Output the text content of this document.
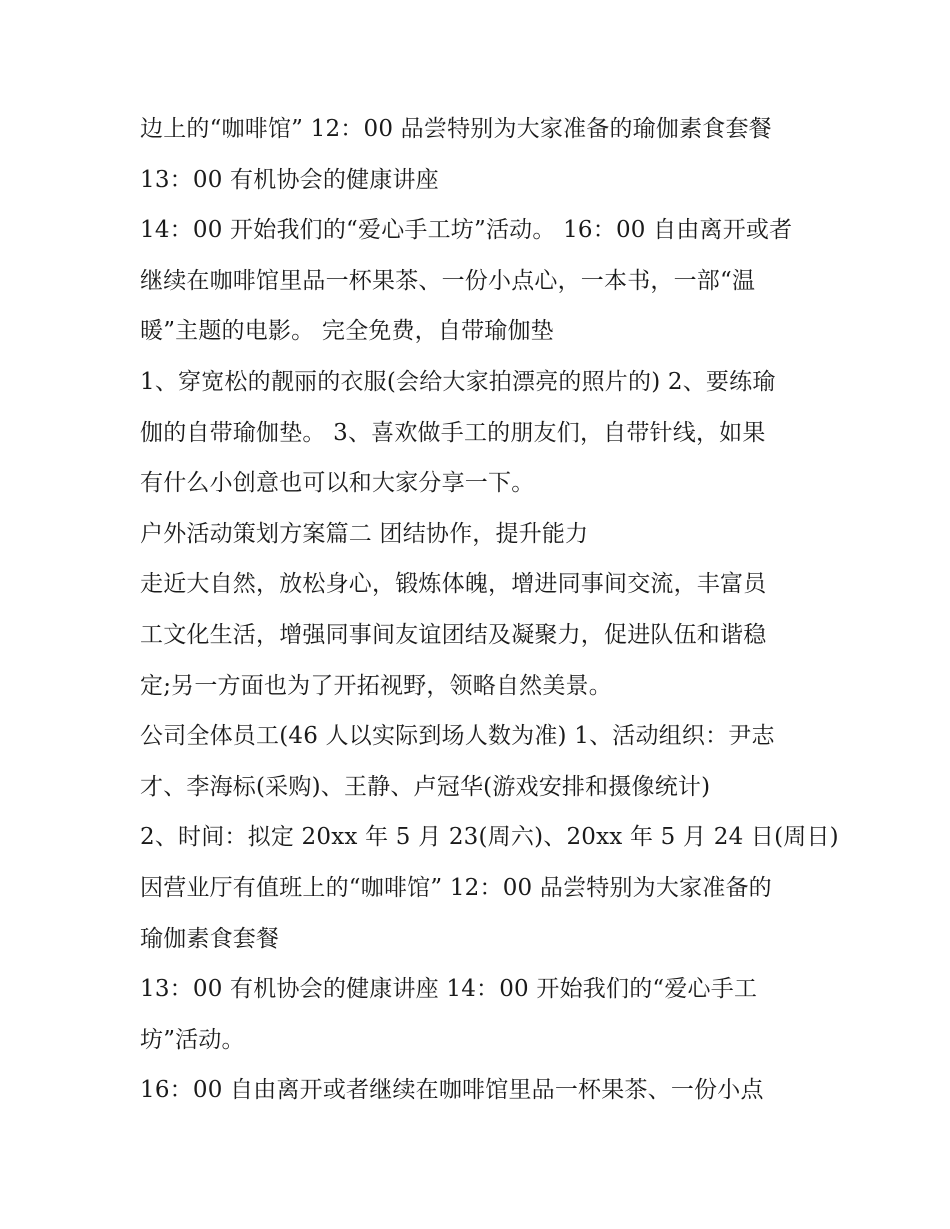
边上的“咖啡馆” 12：00 品尝特别为大家准备的瑜伽素食套餐
13：00 有机协会的健康讲座
14：00 开始我们的“爱心手工坊”活动。 16：00 自由离开或者
继续在咖啡馆里品一杯果茶、一份小点心，一本书，一部“温
暖”主题的电影。 完全免费，自带瑜伽垫
1、穿宽松的靓丽的衣服(会给大家拍漂亮的照片的) 2、要练瑜
伽的自带瑜伽垫。 3、喜欢做手工的朋友们，自带针线，如果
有什么小创意也可以和大家分享一下。
户外活动策划方案篇二 团结协作，提升能力
走近大自然，放松身心，锻炼体魄，增进同事间交流，丰富员
工文化生活，增强同事间友谊团结及凝聚力，促进队伍和谐稳
定;另一方面也为了开拓视野，领略自然美景。
公司全体员工(46 人以实际到场人数为准) 1、活动组织：尹志
才、李海标(采购)、王静、卢冠华(游戏安排和摄像统计)
2、时间：拟定 20xx 年 5 月 23(周六)、20xx 年 5 月 24 日(周日)
因营业厅有值班上的“咖啡馆” 12：00 品尝特别为大家准备的
瑜伽素食套餐
13：00 有机协会的健康讲座 14：00 开始我们的“爱心手工
坊”活动。
16：00 自由离开或者继续在咖啡馆里品一杯果茶、一份小点
